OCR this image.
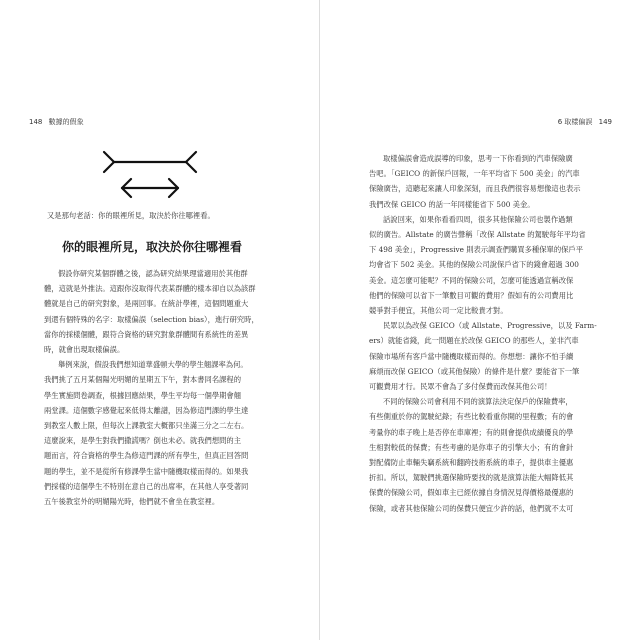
148 數據的假象
又是那句老話：你的眼裡所見，取決於你往哪裡看。
你的眼裡所見，取決於你往哪裡看
假設你研究某個群體之後，認為研究結果理當適用於其他群
體，這就是外推法。這跟你沒取得代表某群體的樣本卻自以為該群
體就是自己的研究對象，是兩回事。在統計學裡，這個問題重大
到還有個特殊的名字：取樣偏誤（selection bias），進行研究時，
當你的採樣個體，跟符合資格的研究對象群體間有系統性的差異
時，就會出現取樣偏誤。
舉例來說，假設我們想知道華盛頓大學的學生翹課率為何。
我們挑了五月某個陽光明媚的星期五下午，對本書同名課程的
學生實施問卷調查，根據回應結果，學生平均每一個學期會翹
兩堂課。這個數字感覺起來低得太離譜，因為修這門課的學生達
到教室人數上限，但每次上課教室大概都只坐滿三分之二左右。
這麼說來，是學生對我們撒謊嗎？倒也未必。就我們想問的主
題而言，符合資格的學生為修這門課的所有學生，但真正回答問
題的學生，並不是從所有修課學生當中隨機取樣而得的。如果我
們採樣的這個學生不特別在意自己的出席率，在其他人享受著同
五午後教室外的明媚陽光時，他們就不會坐在教室裡。
6 取樣偏誤 149
取樣偏誤會造成誤導的印象，思考一下你看到的汽車保險廣
告吧。「GEICO 的新保戶回報，一年平均省下 500 美金」的汽車
保險廣告，這聽起來讓人印象深刻，而且我們很容易想像這也表示
我們改保 GEICO 的話一年同樣能省下 500 美金。
話說回來，如果你看看四周，很多其他保險公司也製作過類
似的廣告。Allstate 的廣告聲稱「改保 Allstate 的駕駛每年平均省
下 498 美金」，Progressive 則表示調查們購買多種保單的保戶平
均會省下 502 美金。其他的保險公司說保戶省下的錢會超過 300
美金。這怎麼可能呢？不同的保險公司，怎麼可能透過宣稱改保
他們的保險可以省下一筆數目可觀的費用？假如有的公司費用比
競爭對手便宜，其他公司一定比較貴才對。
民眾以為改保 GEICO（或 Allstate、Progressive，以及 Farm-
ers）就能省錢，此一問題在於改保 GEICO 的那些人，並非汽車
保險市場所有客戶當中隨機取樣而得的。你想想：讓你不怕手續
麻煩而改保 GEICO（或其他保險）的條件是什麼？要能省下一筆
可觀費用才行。民眾不會為了多付保費而改保其他公司！
不同的保險公司會利用不同的演算法決定保戶的保險費率，
有些側重於你的駕駛紀錄；有些比較看重你開的里程數；有的會
考量你的車子晚上是否停在車庫裡；有的則會提供成績優良的學
生相對較低的保費；有些考慮的是你車子的引擎大小；有的會針
對配備防止車輛失竊系統和翻跨技術系統的車子，提供車主優惠
折扣。所以，駕駛們挑選保險時要找的就是演算法能大幅降低其
保費的保險公司，假如車主已經依據自身情況見得價格最優惠的
保險，或者其他保險公司的保費只便宜少許的話，他們就不太可
